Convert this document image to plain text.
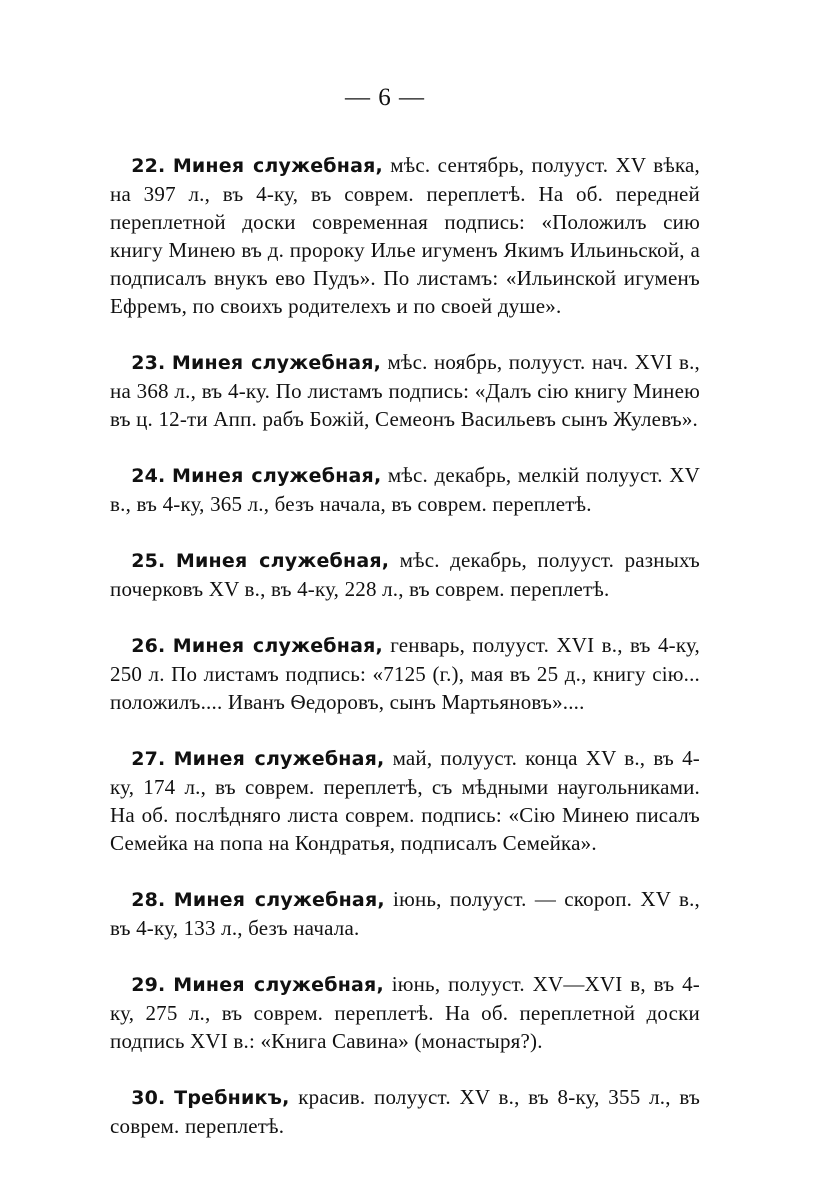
— 6 —

 22. Минея служебная, мѣс. сентябрь, полууст. XV вѣка, на 397 л., въ 4-ку, въ соврем. переплетѣ. На об. передней переплетной доски современная подпись: «Положилъ сию книгу Минею въ д. пророку Илье игуменъ Якимъ Ильиньской, а подписалъ внукъ ево Пудъ». По листамъ: «Ильинской игуменъ Ефремъ, по своихъ родителехъ и по своей душе».

 23. Минея служебная, мѣс. ноябрь, полууст. нач. XVI в., на 368 л., въ 4-ку. По листамъ подпись: «Далъ сію книгу Минею въ ц. 12-ти Апп. рабъ Божій, Семеонъ Васильевъ сынъ Жулевъ».

 24. Минея служебная, мѣс. декабрь, мелкій полууст. XV в., въ 4-ку, 365 л., безъ начала, въ соврем. переплетѣ.

 25. Минея служебная, мѣс. декабрь, полууст. разныхъ почерковъ XV в., въ 4-ку, 228 л., въ соврем. переплетѣ.

 26. Минея служебная, генварь, полууст. XVI в., въ 4-ку, 250 л. По листамъ подпись: «7125 (г.), мая въ 25 д., книгу сію... положилъ.... Иванъ Ѳедоровъ, сынъ Мартьяновъ»....

 27. Минея служебная, май, полууст. конца XV в., въ 4-ку, 174 л., въ соврем. переплетѣ, съ мѣдными наугольниками. На об. послѣдняго листа соврем. подпись: «Сію Минею писалъ Семейка на попа на Кондратья, подписалъ Семейка».

 28. Минея служебная, іюнь, полууст. — скороп. XV в., въ 4-ку, 133 л., безъ начала.

 29. Минея служебная, іюнь, полууст. XV—XVI в, въ 4-ку, 275 л., въ соврем. переплетѣ. На об. переплетной доски подпись XVI в.: «Книга Савина» (монастыря?).

 30. Требникъ, красив. полууст. XV в., въ 8-ку, 355 л., въ соврем. переплетѣ.
